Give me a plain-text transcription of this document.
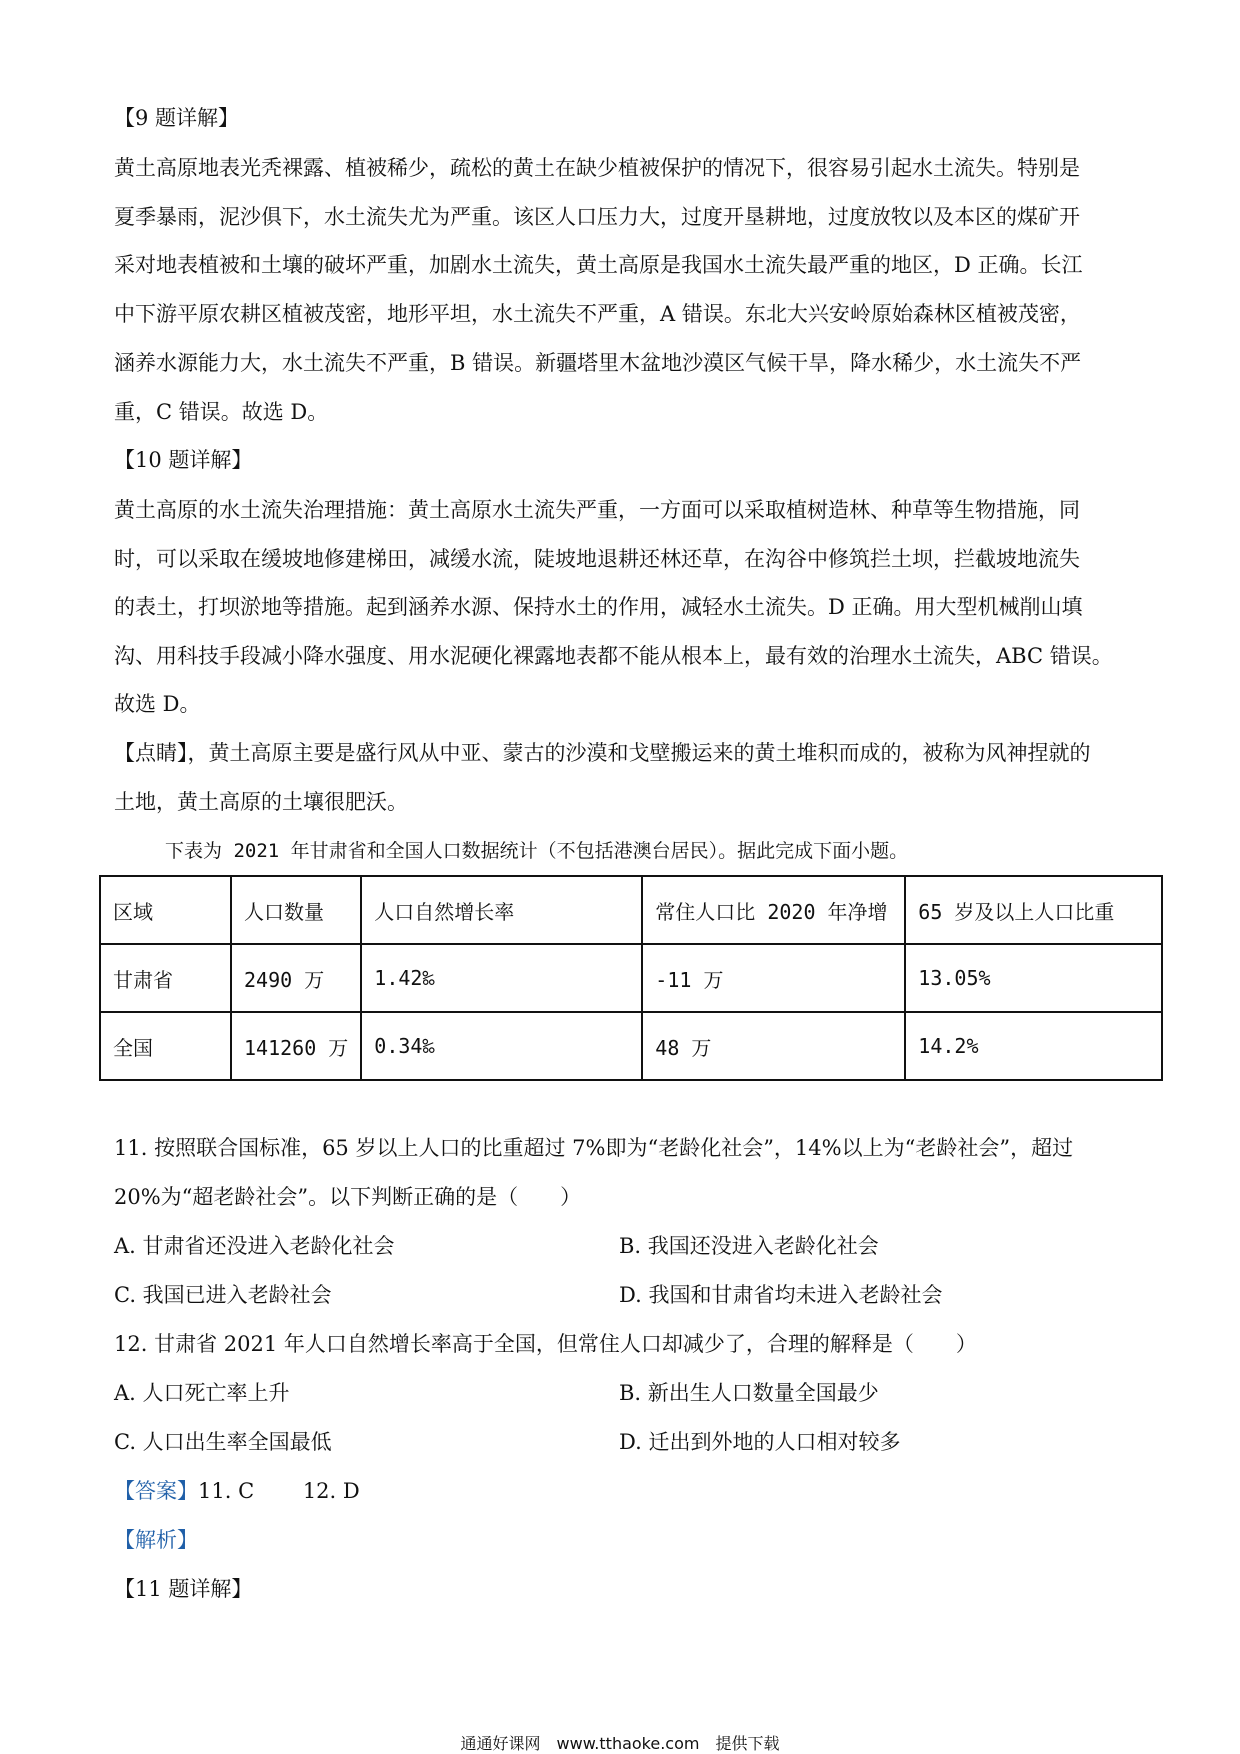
【9 题详解】
黄土高原地表光秃裸露、植被稀少，疏松的黄土在缺少植被保护的情况下，很容易引起水土流失。特别是
夏季暴雨，泥沙俱下，水土流失尤为严重。该区人口压力大，过度开垦耕地，过度放牧以及本区的煤矿开
采对地表植被和土壤的破坏严重，加剧水土流失，黄土高原是我国水土流失最严重的地区，D 正确。长江
中下游平原农耕区植被茂密，地形平坦，水土流失不严重，A 错误。东北大兴安岭原始森林区植被茂密，
涵养水源能力大，水土流失不严重，B 错误。新疆塔里木盆地沙漠区气候干旱，降水稀少，水土流失不严
重，C 错误。故选 D。
【10 题详解】
黄土高原的水土流失治理措施：黄土高原水土流失严重，一方面可以采取植树造林、种草等生物措施，同
时，可以采取在缓坡地修建梯田，减缓水流，陡坡地退耕还林还草，在沟谷中修筑拦土坝，拦截坡地流失
的表土，打坝淤地等措施。起到涵养水源、保持水土的作用，减轻水土流失。D 正确。用大型机械削山填
沟、用科技手段减小降水强度、用水泥硬化裸露地表都不能从根本上，最有效的治理水土流失，ABC 错误。
故选 D。
【点睛】，黄土高原主要是盛行风从中亚、蒙古的沙漠和戈壁搬运来的黄土堆积而成的，被称为风神捏就的
土地，黄土高原的土壤很肥沃。
下表为 2021 年甘肃省和全国人口数据统计（不包括港澳台居民）。据此完成下面小题。
区域	人口数量	人口自然增长率	常住人口比 2020 年净增	65 岁及以上人口比重
甘肃省	2490 万	1.42‰	-11 万	13.05%
全国	141260 万	0.34‰	48 万	14.2%
11. 按照联合国标准，65 岁以上人口的比重超过 7%即为“老龄化社会”，14%以上为“老龄社会”，超过
20%为“超老龄社会”。以下判断正确的是（　　）
A. 甘肃省还没进入老龄化社会	B. 我国还没进入老龄化社会
C. 我国已进入老龄社会	D. 我国和甘肃省均未进入老龄社会
12. 甘肃省 2021 年人口自然增长率高于全国，但常住人口却减少了，合理的解释是（　　）
A. 人口死亡率上升	B. 新出生人口数量全国最少
C. 人口出生率全国最低	D. 迁出到外地的人口相对较多
【答案】11. C　　 12. D
【解析】
【11 题详解】
通通好课网　www.tthaoke.com　提供下载
